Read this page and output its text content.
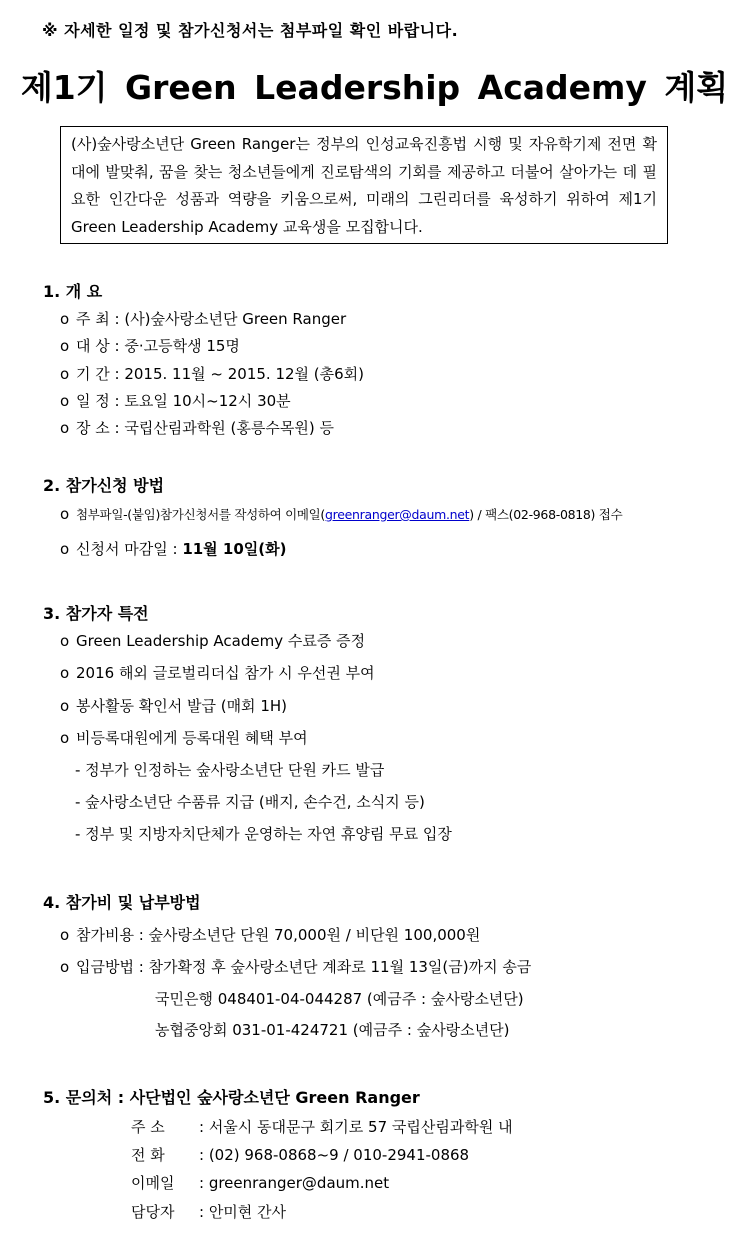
※ 자세한 일정 및 참가신청서는 첨부파일 확인 바랍니다.
제1기 Green Leadership Academy 계획
(사)숲사랑소년단 Green Ranger는 정부의 인성교육진흥법 시행 및 자유학기제 전면 확대에 발맞춰, 꿈을 찾는 청소년들에게 진로탐색의 기회를 제공하고 더불어 살아가는 데 필요한 인간다운 성품과 역량을 키움으로써, 미래의 그린리더를 육성하기 위하여 제1기 Green Leadership Academy 교육생을 모집합니다.
1. 개 요
o 주 최 : (사)숲사랑소년단 Green Ranger
o 대 상 : 중·고등학생 15명
o 기 간 : 2015. 11월 ~ 2015. 12월 (총6회)
o 일 정 : 토요일 10시~12시 30분
o 장 소 : 국립산림과학원 (홍릉수목원) 등
2. 참가신청 방법
o 첨부파일-(붙임)참가신청서를 작성하여 이메일(greenranger@daum.net) / 팩스(02-968-0818) 접수
o 신청서 마감일 : 11월 10일(화)
3. 참가자 특전
o Green Leadership Academy 수료증 증정
o 2016 해외 글로벌리더십 참가 시 우선권 부여
o 봉사활동 확인서 발급 (매회 1H)
o 비등록대원에게 등록대원 혜택 부여
- 정부가 인정하는 숲사랑소년단 단원 카드 발급
- 숲사랑소년단 수품류 지급 (배지, 손수건, 소식지 등)
- 정부 및 지방자치단체가 운영하는 자연 휴양림 무료 입장
4. 참가비 및 납부방법
o 참가비용 : 숲사랑소년단 단원 70,000원 / 비단원 100,000원
o 입금방법 : 참가확정 후 숲사랑소년단 계좌로 11월 13일(금)까지 송금
국민은행 048401-04-044287 (예금주 : 숲사랑소년단)
농협중앙회 031-01-424721 (예금주 : 숲사랑소년단)
5. 문의처 : 사단법인 숲사랑소년단 Green Ranger
주 소 : 서울시 동대문구 회기로 57 국립산림과학원 내
전 화 : (02) 968-0868~9 / 010-2941-0868
이메일 : greenranger@daum.net
담당자 : 안미현 간사
